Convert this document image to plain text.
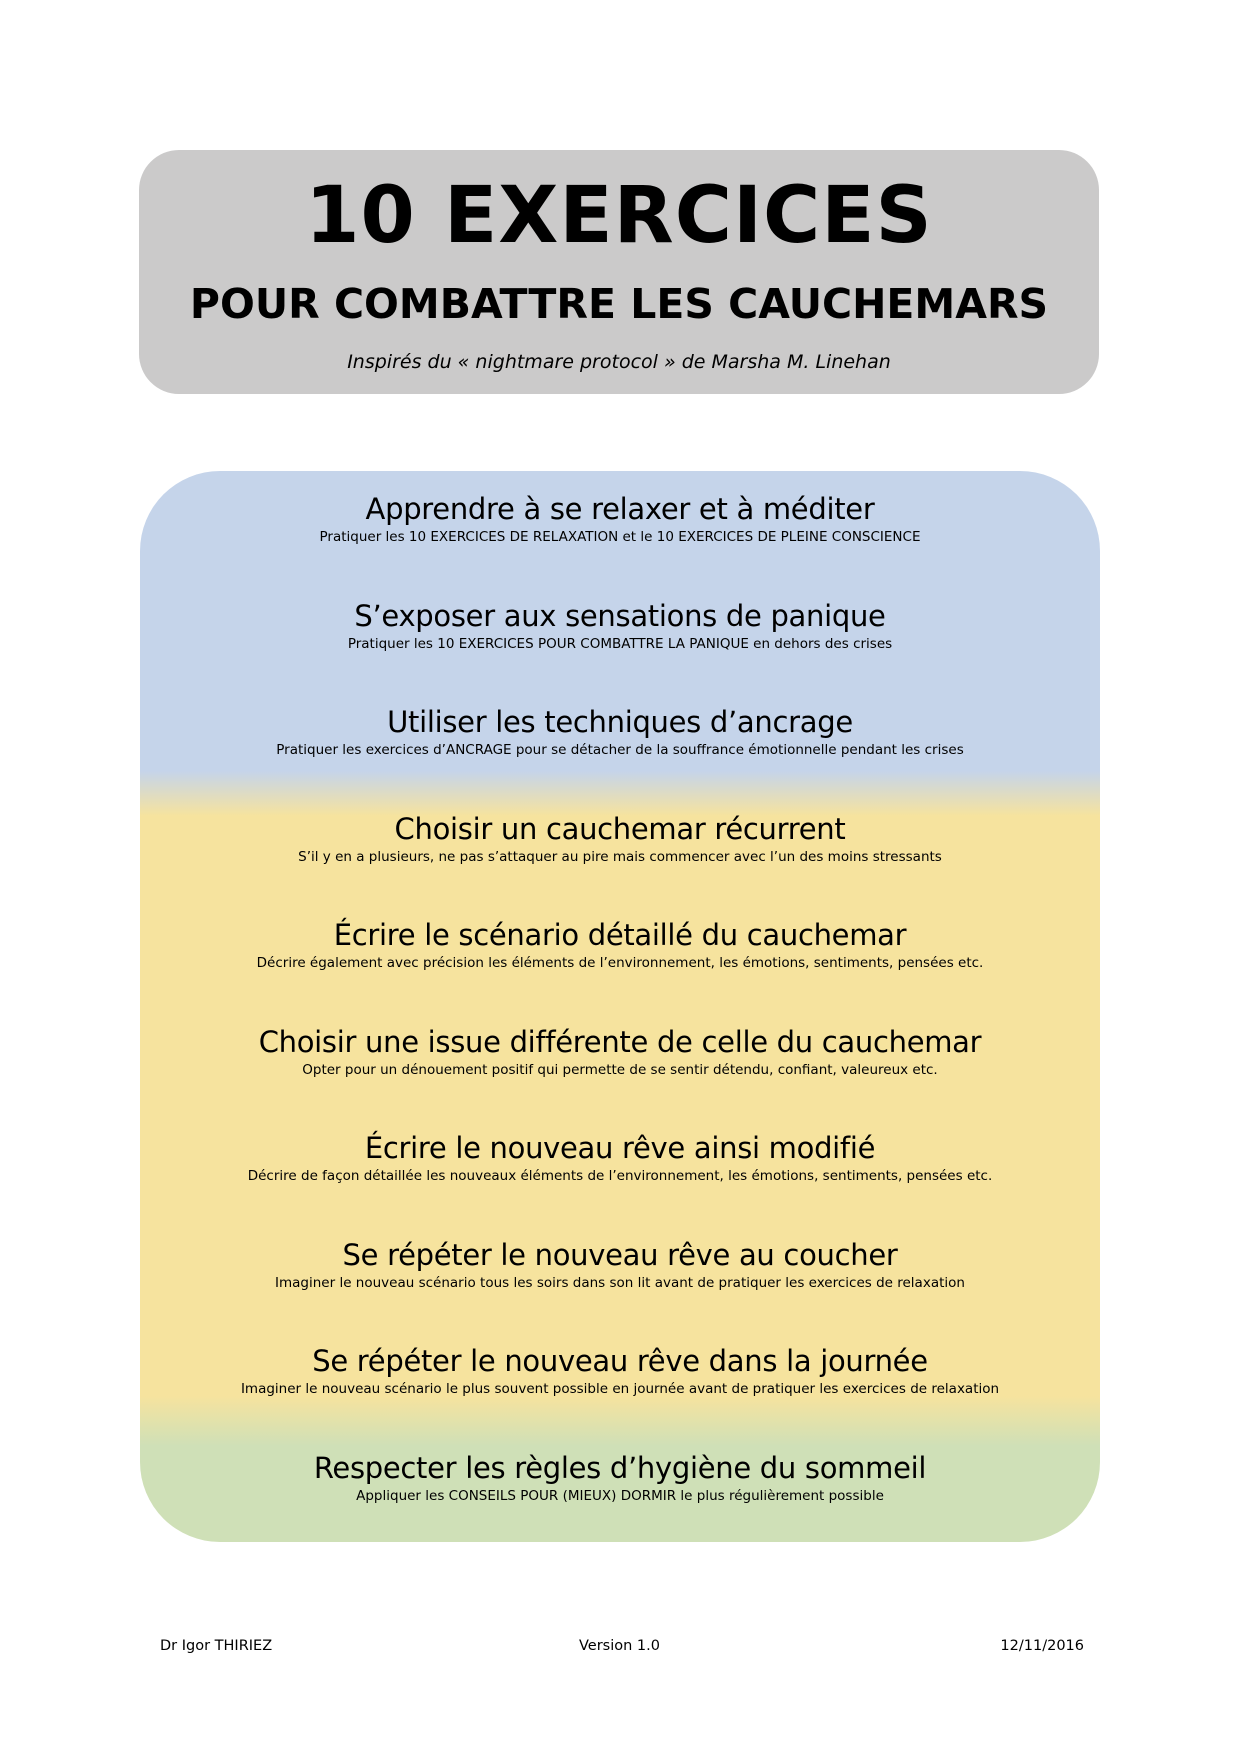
10 EXERCICES
POUR COMBATTRE LES CAUCHEMARS
Inspirés du « nightmare protocol » de Marsha M. Linehan
Apprendre à se relaxer et à méditer
Pratiquer les 10 EXERCICES DE RELAXATION et le 10 EXERCICES DE PLEINE CONSCIENCE
S’exposer aux sensations de panique
Pratiquer les 10 EXERCICES POUR COMBATTRE LA PANIQUE en dehors des crises
Utiliser les techniques d’ancrage
Pratiquer les exercices d’ANCRAGE pour se détacher de la souffrance émotionnelle pendant les crises
Choisir un cauchemar récurrent
S’il y en a plusieurs, ne pas s’attaquer au pire mais commencer avec l’un des moins stressants
Écrire le scénario détaillé du cauchemar
Décrire également avec précision les éléments de l’environnement, les émotions, sentiments, pensées etc.
Choisir une issue différente de celle du cauchemar
Opter pour un dénouement positif qui permette de se sentir détendu, confiant, valeureux etc.
Écrire le nouveau rêve ainsi modifié
Décrire de façon détaillée les nouveaux éléments de l’environnement, les émotions, sentiments, pensées etc.
Se répéter le nouveau rêve au coucher
Imaginer le nouveau scénario tous les soirs dans son lit avant de pratiquer les exercices de relaxation
Se répéter le nouveau rêve dans la journée
Imaginer le nouveau scénario le plus souvent possible en journée avant de pratiquer les exercices de relaxation
Respecter les règles d’hygiène du sommeil
Appliquer les CONSEILS POUR (MIEUX) DORMIR le plus régulièrement possible
Dr Igor THIRIEZ	Version 1.0	12/11/2016
